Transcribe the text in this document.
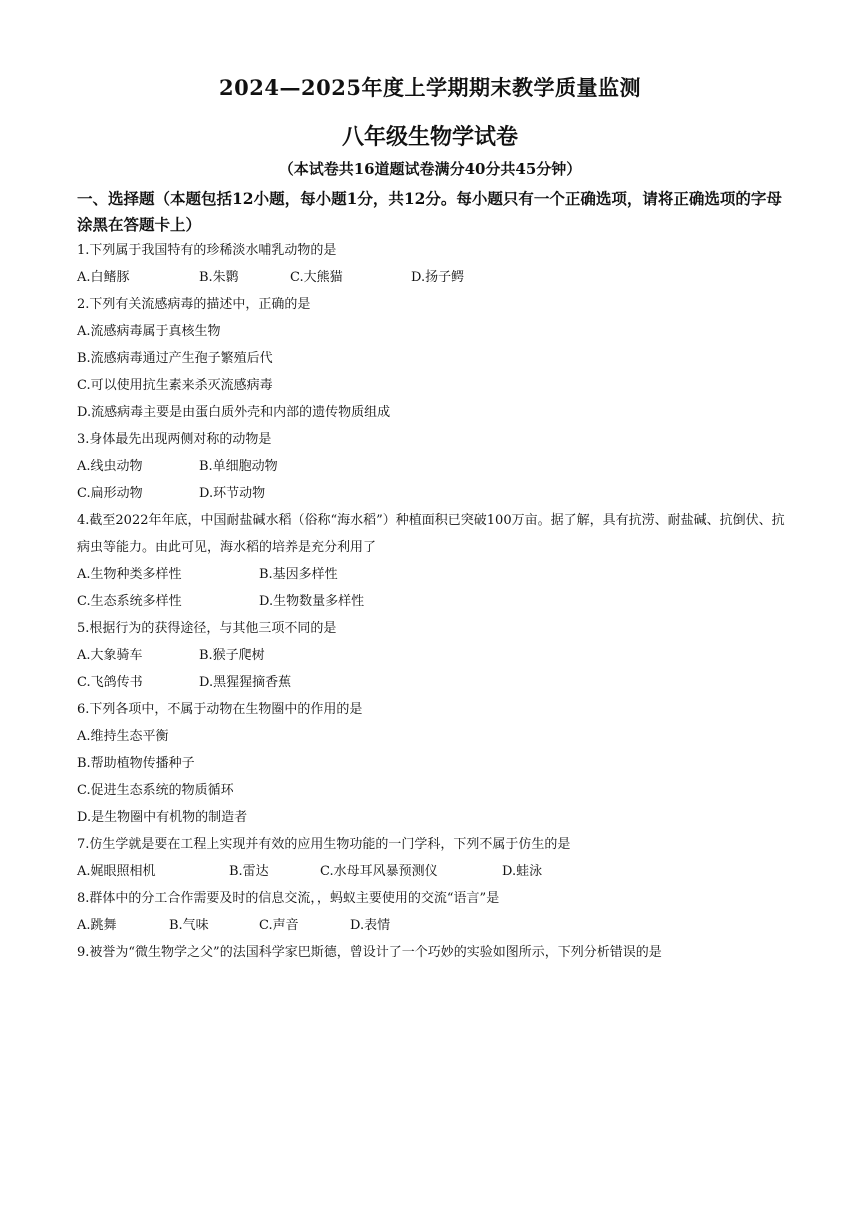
2024—2025年度上学期期末教学质量监测
八年级生物学试卷
（本试卷共16道题试卷满分40分共45分钟）
一、选择题（本题包括12小题，每小题1分，共12分。每小题只有一个正确选项，请将正确选项的字母涂黑在答题卡上）
1.下列属于我国特有的珍稀淡水哺乳动物的是
A.白鳍豚	B.朱鹮	C.大熊猫	D.扬子鳄
2.下列有关流感病毒的描述中，正确的是
A.流感病毒属于真核生物
B.流感病毒通过产生孢子繁殖后代
C.可以使用抗生素来杀灭流感病毒
D.流感病毒主要是由蛋白质外壳和内部的遗传物质组成
3.身体最先出现两侧对称的动物是
A.线虫动物	B.单细胞动物
C.扁形动物	D.环节动物
4.截至2022年年底，中国耐盐碱水稻（俗称“海水稻”）种植面积已突破100万亩。据了解，具有抗涝、耐盐碱、抗倒伏、抗病虫等能力。由此可见，海水稻的培养是充分利用了
A.生物种类多样性	B.基因多样性
C.生态系统多样性	D.生物数量多样性
5.根据行为的获得途径，与其他三项不同的是
A.大象骑车	B.猴子爬树
C.飞鸽传书	D.黑猩猩摘香蕉
6.下列各项中，不属于动物在生物圈中的作用的是
A.维持生态平衡
B.帮助植物传播种子
C.促进生态系统的物质循环
D.是生物圈中有机物的制造者
7.仿生学就是要在工程上实现并有效的应用生物功能的一门学科，下列不属于仿生的是
A.娓眼照相机	B.雷达	C.水母耳风暴预测仪	D.蛙泳
8.群体中的分工合作需要及时的信息交流，，蚂蚁主要使用的交流“语言”是
A.跳舞	B.气味	C.声音	D.表情
9.被誉为“微生物学之父”的法国科学家巴斯德，曾设计了一个巧妙的实验如图所示，下列分析错误的是
